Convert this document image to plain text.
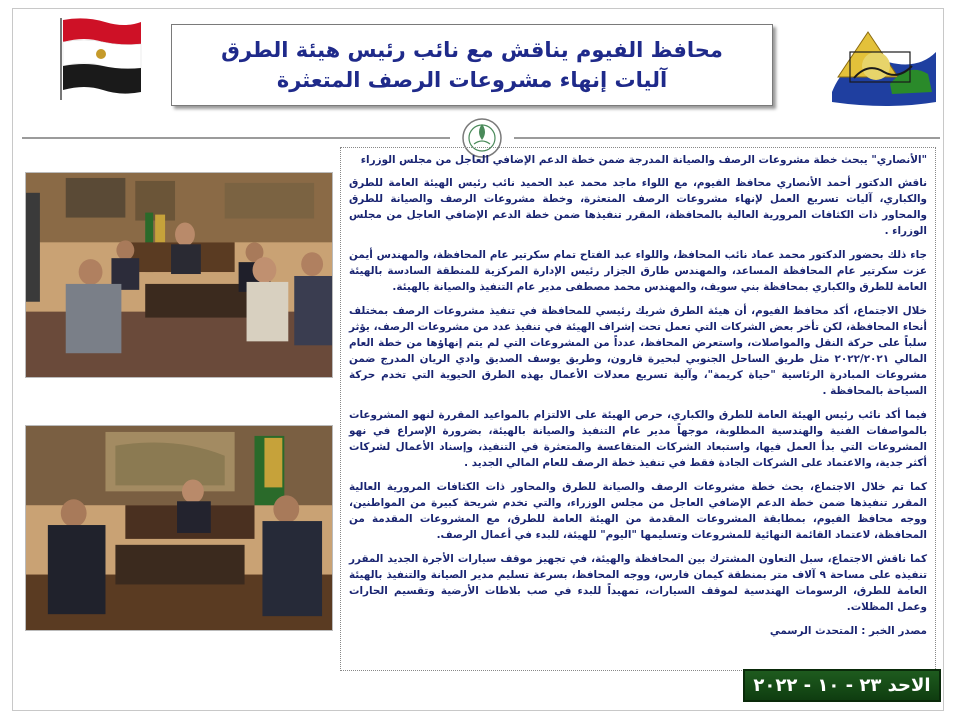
محافظ الفيوم يناقش مع نائب رئيس هيئة الطرق آليات إنهاء مشروعات الرصف المتعثرة

"الأنصاري" يبحث خطة مشروعات الرصف والصيانة المدرجة ضمن خطة الدعم الإضافي العاجل من مجلس الوزراء

ناقش الدكتور أحمد الأنصاري محافظ الفيوم، مع اللواء ماجد محمد عبد الحميد نائب رئيس الهيئة العامة للطرق والكباري، آليات تسريع العمل لإنهاء مشروعات الرصف المتعثرة، وخطة مشروعات الرصف والصيانة للطرق والمحاور ذات الكثافات المرورية العالية بالمحافظة، المقرر تنفيذها ضمن خطة الدعم الإضافي العاجل من مجلس الوزراء .

جاء ذلك بحضور الدكتور محمد عماد نائب المحافظ، واللواء عبد الفتاح تمام سكرتير عام المحافظة، والمهندس أيمن عزت سكرتير عام المحافظة المساعد، والمهندس طارق الجزار رئيس الإدارة المركزية للمنطقة السادسة بالهيئة العامة للطرق والكباري بمحافظة بني سويف، والمهندس محمد مصطفى مدير عام التنفيذ والصيانة بالهيئة.

خلال الاجتماع، أكد محافظ الفيوم، أن هيئة الطرق شريك رئيسي للمحافظة في تنفيذ مشروعات الرصف بمختلف أنحاء المحافظة، لكن تأخر بعض الشركات التي تعمل تحت إشراف الهيئة في تنفيذ عدد من مشروعات الرصف، يؤثر سلباً على حركة النقل والمواصلات، واستعرض المحافظ، عدداً من المشروعات التي لم يتم إنهاؤها من خطة العام المالي ٢٠٢٢/٢٠٢١ مثل طريق الساحل الجنوبي لبحيرة قارون، وطريق يوسف الصديق وادي الريان المدرج ضمن مشروعات المبادرة الرئاسية "حياة كريمة"، وآلية تسريع معدلات الأعمال بهذه الطرق الحيوية التي تخدم حركة السياحة بالمحافظة .

فيما أكد نائب رئيس الهيئة العامة للطرق والكباري، حرص الهيئة على الالتزام بالمواعيد المقررة لنهو المشروعات بالمواصفات الفنية والهندسية المطلوبة، موجهاً مدير عام التنفيذ والصيانة بالهيئة، بضرورة الإسراع في نهو المشروعات التي بدأ العمل فيها، واستبعاد الشركات المتقاعسة والمتعثرة في التنفيذ، وإسناد الأعمال لشركات أكثر جدية، والاعتماد على الشركات الجادة فقط في تنفيذ خطة الرصف للعام المالي الجديد .

كما تم خلال الاجتماع، بحث خطة مشروعات الرصف والصيانة للطرق والمحاور ذات الكثافات المرورية العالية المقرر تنفيذها ضمن خطة الدعم الإضافي العاجل من مجلس الوزراء، والتي تخدم شريحة كبيرة من المواطنين، ووجه محافظ الفيوم، بمطابقة المشروعات المقدمة من الهيئة العامة للطرق، مع المشروعات المقدمة من المحافظة، لاعتماد القائمة النهائية للمشروعات وتسليمها "اليوم" للهيئة، للبدء في أعمال الرصف.

كما ناقش الاجتماع، سبل التعاون المشترك بين المحافظة والهيئة، في تجهيز موقف سيارات الأجرة الجديد المقرر تنفيذه على مساحة ٩ آلاف متر بمنطقة كيمان فارس، ووجه المحافظ، بسرعة تسليم مدير الصيانة والتنفيذ بالهيئة العامة للطرق، الرسومات الهندسية لموقف السيارات، تمهيداً للبدء في صب بلاطات الأرضية وتقسيم الحارات وعمل المظلات.

مصدر الخبر : المتحدث الرسمي

الاحد ٢٣ - ١٠ - ٢٠٢٢
